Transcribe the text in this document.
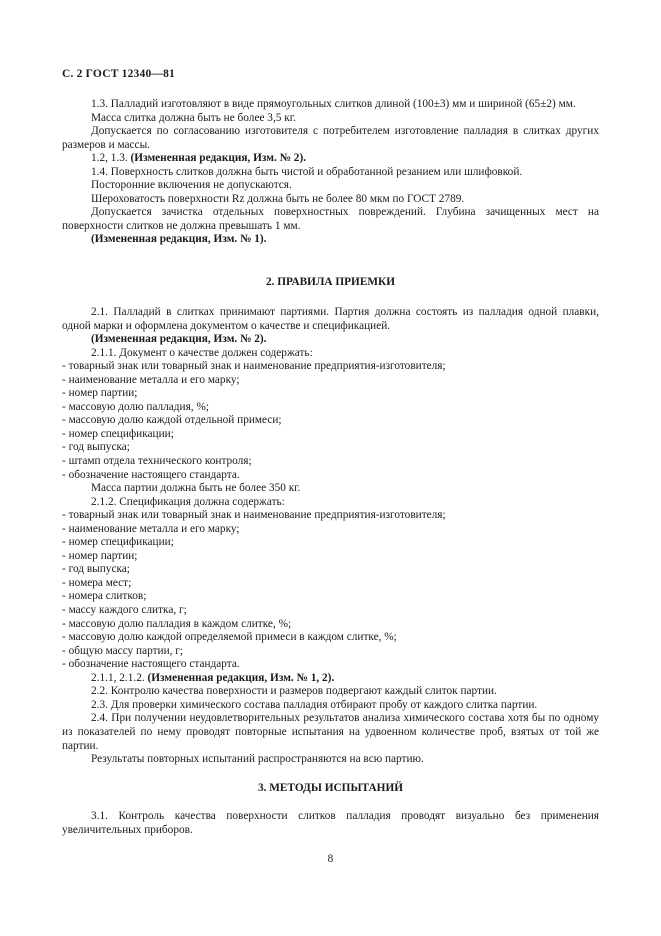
С. 2 ГОСТ 12340—81

1.3. Палладий изготовляют в виде прямоугольных слитков длиной (100±3) мм и шириной (65±2) мм.

Масса слитка должна быть не более 3,5 кг.

Допускается по согласованию изготовителя с потребителем изготовление палладия в слитках других размеров и массы.

1.2, 1.3. (Измененная редакция, Изм. № 2).

1.4. Поверхность слитков должна быть чистой и обработанной резанием или шлифовкой.

Посторонние включения не допускаются.

Шероховатость поверхности Rz должна быть не более 80 мкм по ГОСТ 2789.

Допускается зачистка отдельных поверхностных повреждений. Глубина зачищенных мест на поверхности слитков не должна превышать 1 мм.

(Измененная редакция, Изм. № 1).

2. ПРАВИЛА ПРИЕМКИ

2.1. Палладий в слитках принимают партиями. Партия должна состоять из палладия одной плавки, одной марки и оформлена документом о качестве и спецификацией.

(Измененная редакция, Изм. № 2).

2.1.1. Документ о качестве должен содержать:

- товарный знак или товарный знак и наименование предприятия-изготовителя;

- наименование металла и его марку;

- номер партии;

- массовую долю палладия, %;

- массовую долю каждой отдельной примеси;

- номер спецификации;

- год выпуска;

- штамп отдела технического контроля;

- обозначение настоящего стандарта.

Масса партии должна быть не более 350 кг.

2.1.2. Спецификация должна содержать:

- товарный знак или товарный знак и наименование предприятия-изготовителя;

- наименование металла и его марку;

- номер спецификации;

- номер партии;

- год выпуска;

- номера мест;

- номера слитков;

- массу каждого слитка, г;

- массовую долю палладия в каждом слитке, %;

- массовую долю каждой определяемой примеси в каждом слитке, %;

- общую массу партии, г;

- обозначение настоящего стандарта.

2.1.1, 2.1.2. (Измененная редакция, Изм. № 1, 2).

2.2. Контролю качества поверхности и размеров подвергают каждый слиток партии.

2.3. Для проверки химического состава палладия отбирают пробу от каждого слитка партии.

2.4. При получении неудовлетворительных результатов анализа химического состава хотя бы по одному из показателей по нему проводят повторные испытания на удвоенном количестве проб, взятых от той же партии.

Результаты повторных испытаний распространяются на всю партию.

3. МЕТОДЫ ИСПЫТАНИЙ

3.1. Контроль качества поверхности слитков палладия проводят визуально без применения увеличительных приборов.

8
